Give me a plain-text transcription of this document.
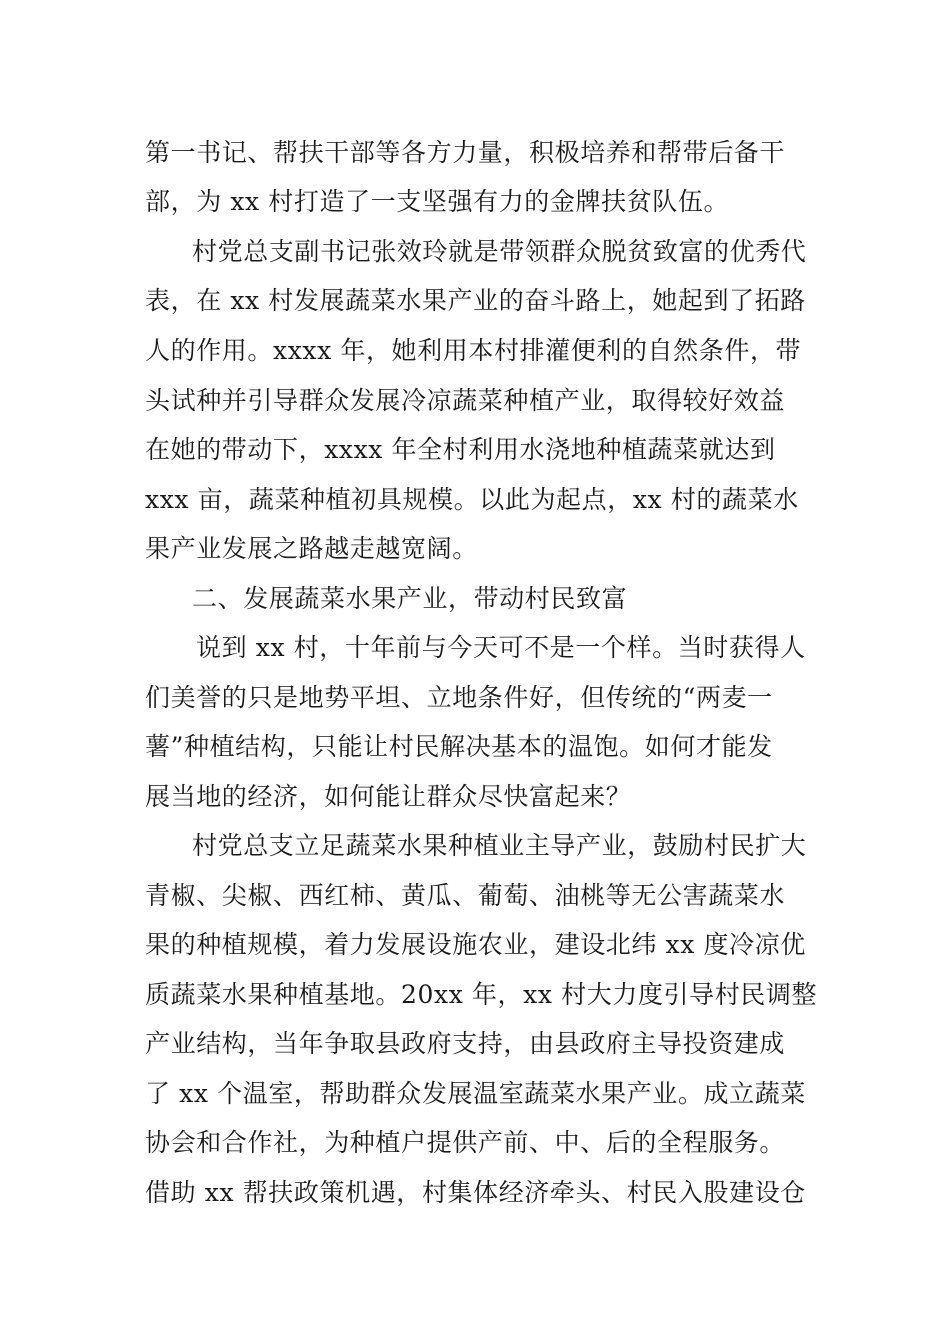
第一书记、帮扶干部等各方力量，积极培养和帮带后备干
部，为 xx 村打造了一支坚强有力的金牌扶贫队伍。
村党总支副书记张效玲就是带领群众脱贫致富的优秀代
表，在 xx 村发展蔬菜水果产业的奋斗路上，她起到了拓路
人的作用。xxxx 年，她利用本村排灌便利的自然条件，带
头试种并引导群众发展冷凉蔬菜种植产业，取得较好效益
在她的带动下，xxxx 年全村利用水浇地种植蔬菜就达到
xxx 亩，蔬菜种植初具规模。以此为起点，xx 村的蔬菜水
果产业发展之路越走越宽阔。
二、发展蔬菜水果产业，带动村民致富
说到 xx 村，十年前与今天可不是一个样。当时获得人
们美誉的只是地势平坦、立地条件好，但传统的“两麦一
薯”种植结构，只能让村民解决基本的温饱。如何才能发
展当地的经济，如何能让群众尽快富起来？
村党总支立足蔬菜水果种植业主导产业，鼓励村民扩大
青椒、尖椒、西红柿、黄瓜、葡萄、油桃等无公害蔬菜水
果的种植规模，着力发展设施农业，建设北纬 xx 度冷凉优
质蔬菜水果种植基地。20xx 年，xx 村大力度引导村民调整
产业结构，当年争取县政府支持，由县政府主导投资建成
了 xx 个温室，帮助群众发展温室蔬菜水果产业。成立蔬菜
协会和合作社，为种植户提供产前、中、后的全程服务。
借助 xx 帮扶政策机遇，村集体经济牵头、村民入股建设仓
